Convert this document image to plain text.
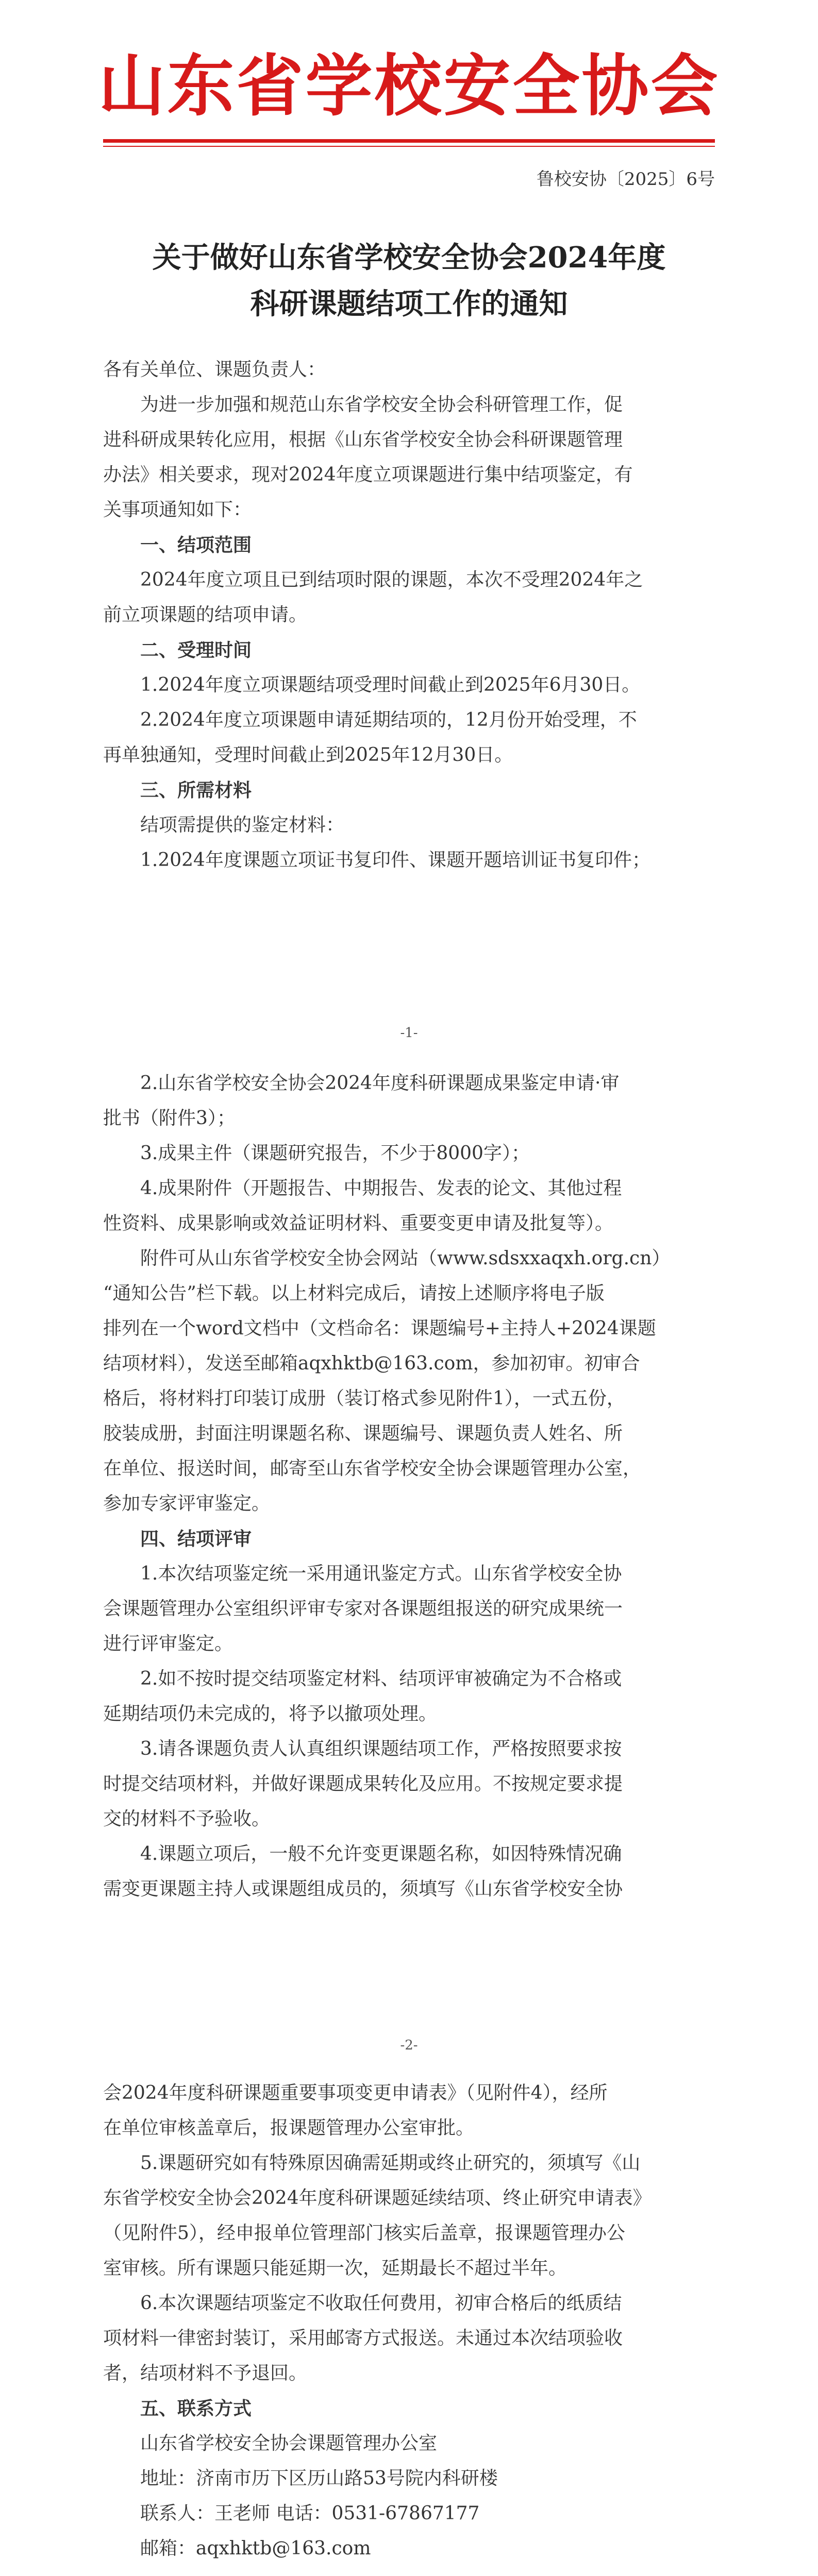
山东省学校安全协会
鲁校安协〔2025〕6号
关于做好山东省学校安全协会2024年度
科研课题结项工作的通知
各有关单位、课题负责人：
为进一步加强和规范山东省学校安全协会科研管理工作，促
进科研成果转化应用，根据《山东省学校安全协会科研课题管理
办法》相关要求，现对2024年度立项课题进行集中结项鉴定，有
关事项通知如下：
一、结项范围
2024年度立项且已到结项时限的课题，本次不受理2024年之
前立项课题的结项申请。
二、受理时间
1.2024年度立项课题结项受理时间截止到2025年6月30日。
2.2024年度立项课题申请延期结项的，12月份开始受理，不
再单独通知，受理时间截止到2025年12月30日。
三、所需材料
结项需提供的鉴定材料：
1.2024年度课题立项证书复印件、课题开题培训证书复印件；
-1-
2.山东省学校安全协会2024年度科研课题成果鉴定申请·审
批书（附件3）；
3.成果主件（课题研究报告，不少于8000字）；
4.成果附件（开题报告、中期报告、发表的论文、其他过程
性资料、成果影响或效益证明材料、重要变更申请及批复等）。
附件可从山东省学校安全协会网站（www.sdsxxaqxh.org.cn）
“通知公告”栏下载。以上材料完成后，请按上述顺序将电子版
排列在一个word文档中（文档命名：课题编号+主持人+2024课题
结项材料），发送至邮箱aqxhktb@163.com，参加初审。初审合
格后，将材料打印装订成册（装订格式参见附件1），一式五份，
胶装成册，封面注明课题名称、课题编号、课题负责人姓名、所
在单位、报送时间，邮寄至山东省学校安全协会课题管理办公室，
参加专家评审鉴定。
四、结项评审
1.本次结项鉴定统一采用通讯鉴定方式。山东省学校安全协
会课题管理办公室组织评审专家对各课题组报送的研究成果统一
进行评审鉴定。
2.如不按时提交结项鉴定材料、结项评审被确定为不合格或
延期结项仍未完成的，将予以撤项处理。
3.请各课题负责人认真组织课题结项工作，严格按照要求按
时提交结项材料，并做好课题成果转化及应用。不按规定要求提
交的材料不予验收。
4.课题立项后，一般不允许变更课题名称，如因特殊情况确
需变更课题主持人或课题组成员的，须填写《山东省学校安全协
-2-
会2024年度科研课题重要事项变更申请表》（见附件4），经所
在单位审核盖章后，报课题管理办公室审批。
5.课题研究如有特殊原因确需延期或终止研究的，须填写《山
东省学校安全协会2024年度科研课题延续结项、终止研究申请表》
（见附件5），经申报单位管理部门核实后盖章，报课题管理办公
室审核。所有课题只能延期一次，延期最长不超过半年。
6.本次课题结项鉴定不收取任何费用，初审合格后的纸质结
项材料一律密封装订，采用邮寄方式报送。未通过本次结项验收
者，结项材料不予退回。
五、联系方式
山东省学校安全协会课题管理办公室
地址：济南市历下区历山路53号院内科研楼
联系人：王老师 电话：0531-67867177
邮箱：aqxhktb@163.com
